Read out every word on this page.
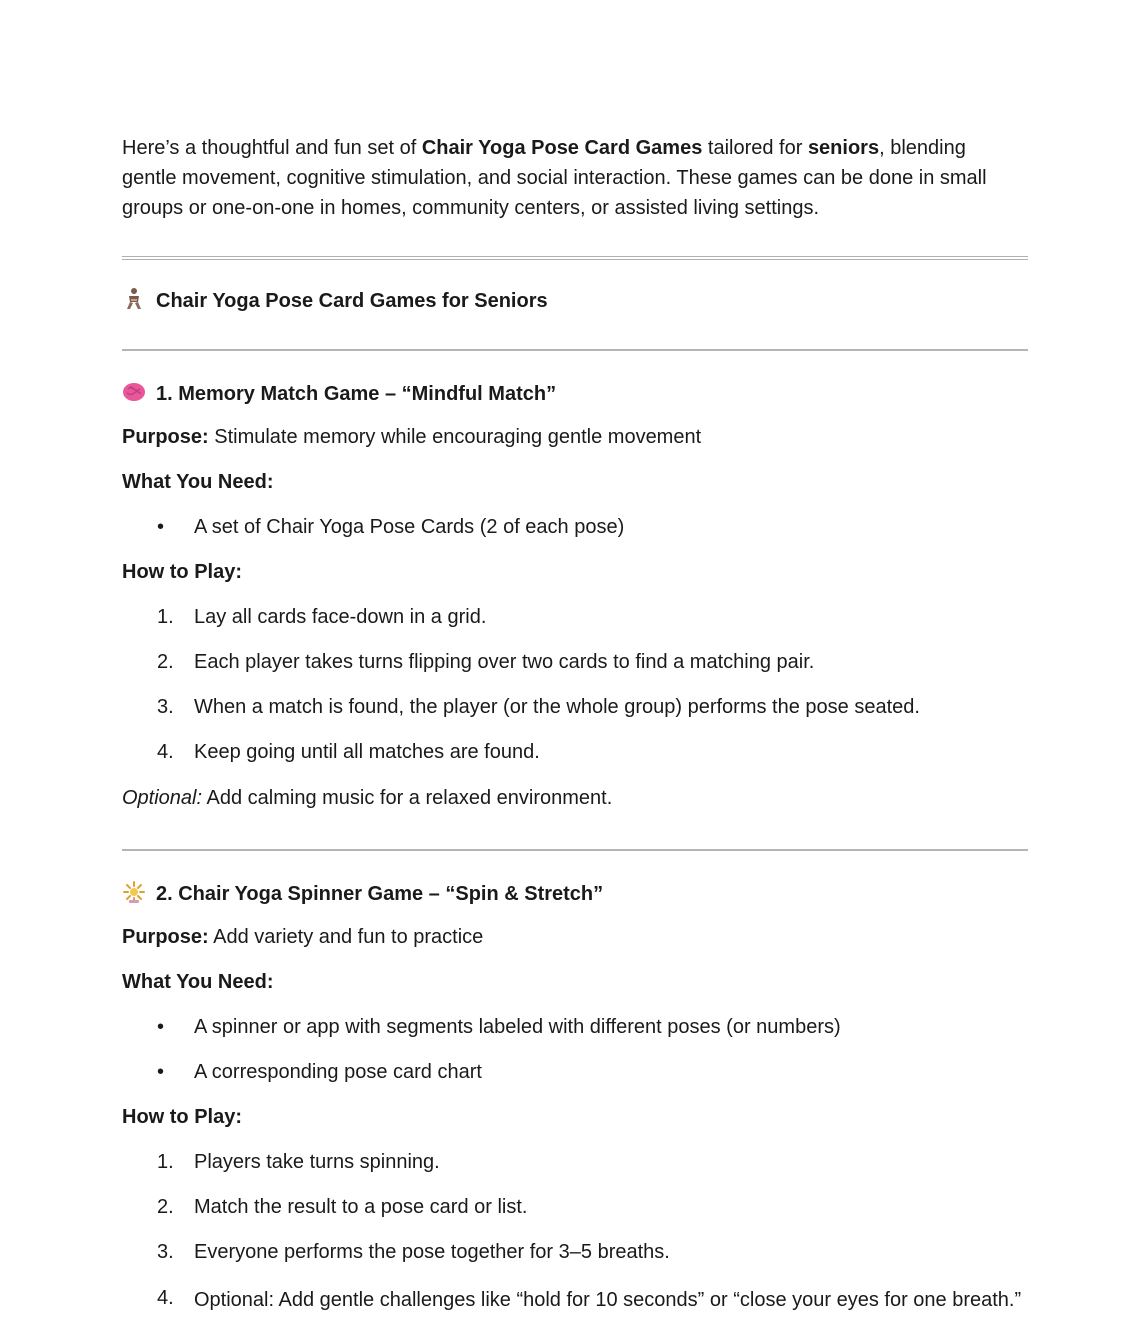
Here’s a thoughtful and fun set of Chair Yoga Pose Card Games tailored for seniors, blending gentle movement, cognitive stimulation, and social interaction. These games can be done in small groups or one-on-one in homes, community centers, or assisted living settings.

Chair Yoga Pose Card Games for Seniors

1. Memory Match Game – “Mindful Match”

Purpose: Stimulate memory while encouraging gentle movement

What You Need:

• A set of Chair Yoga Pose Cards (2 of each pose)

How to Play:

1. Lay all cards face-down in a grid.

2. Each player takes turns flipping over two cards to find a matching pair.

3. When a match is found, the player (or the whole group) performs the pose seated.

4. Keep going until all matches are found.

Optional: Add calming music for a relaxed environment.

2. Chair Yoga Spinner Game – “Spin & Stretch”

Purpose: Add variety and fun to practice

What You Need:

• A spinner or app with segments labeled with different poses (or numbers)

• A corresponding pose card chart

How to Play:

1. Players take turns spinning.

2. Match the result to a pose card or list.

3. Everyone performs the pose together for 3–5 breaths.

4. Optional: Add gentle challenges like “hold for 10 seconds” or “close your eyes for one breath.”
